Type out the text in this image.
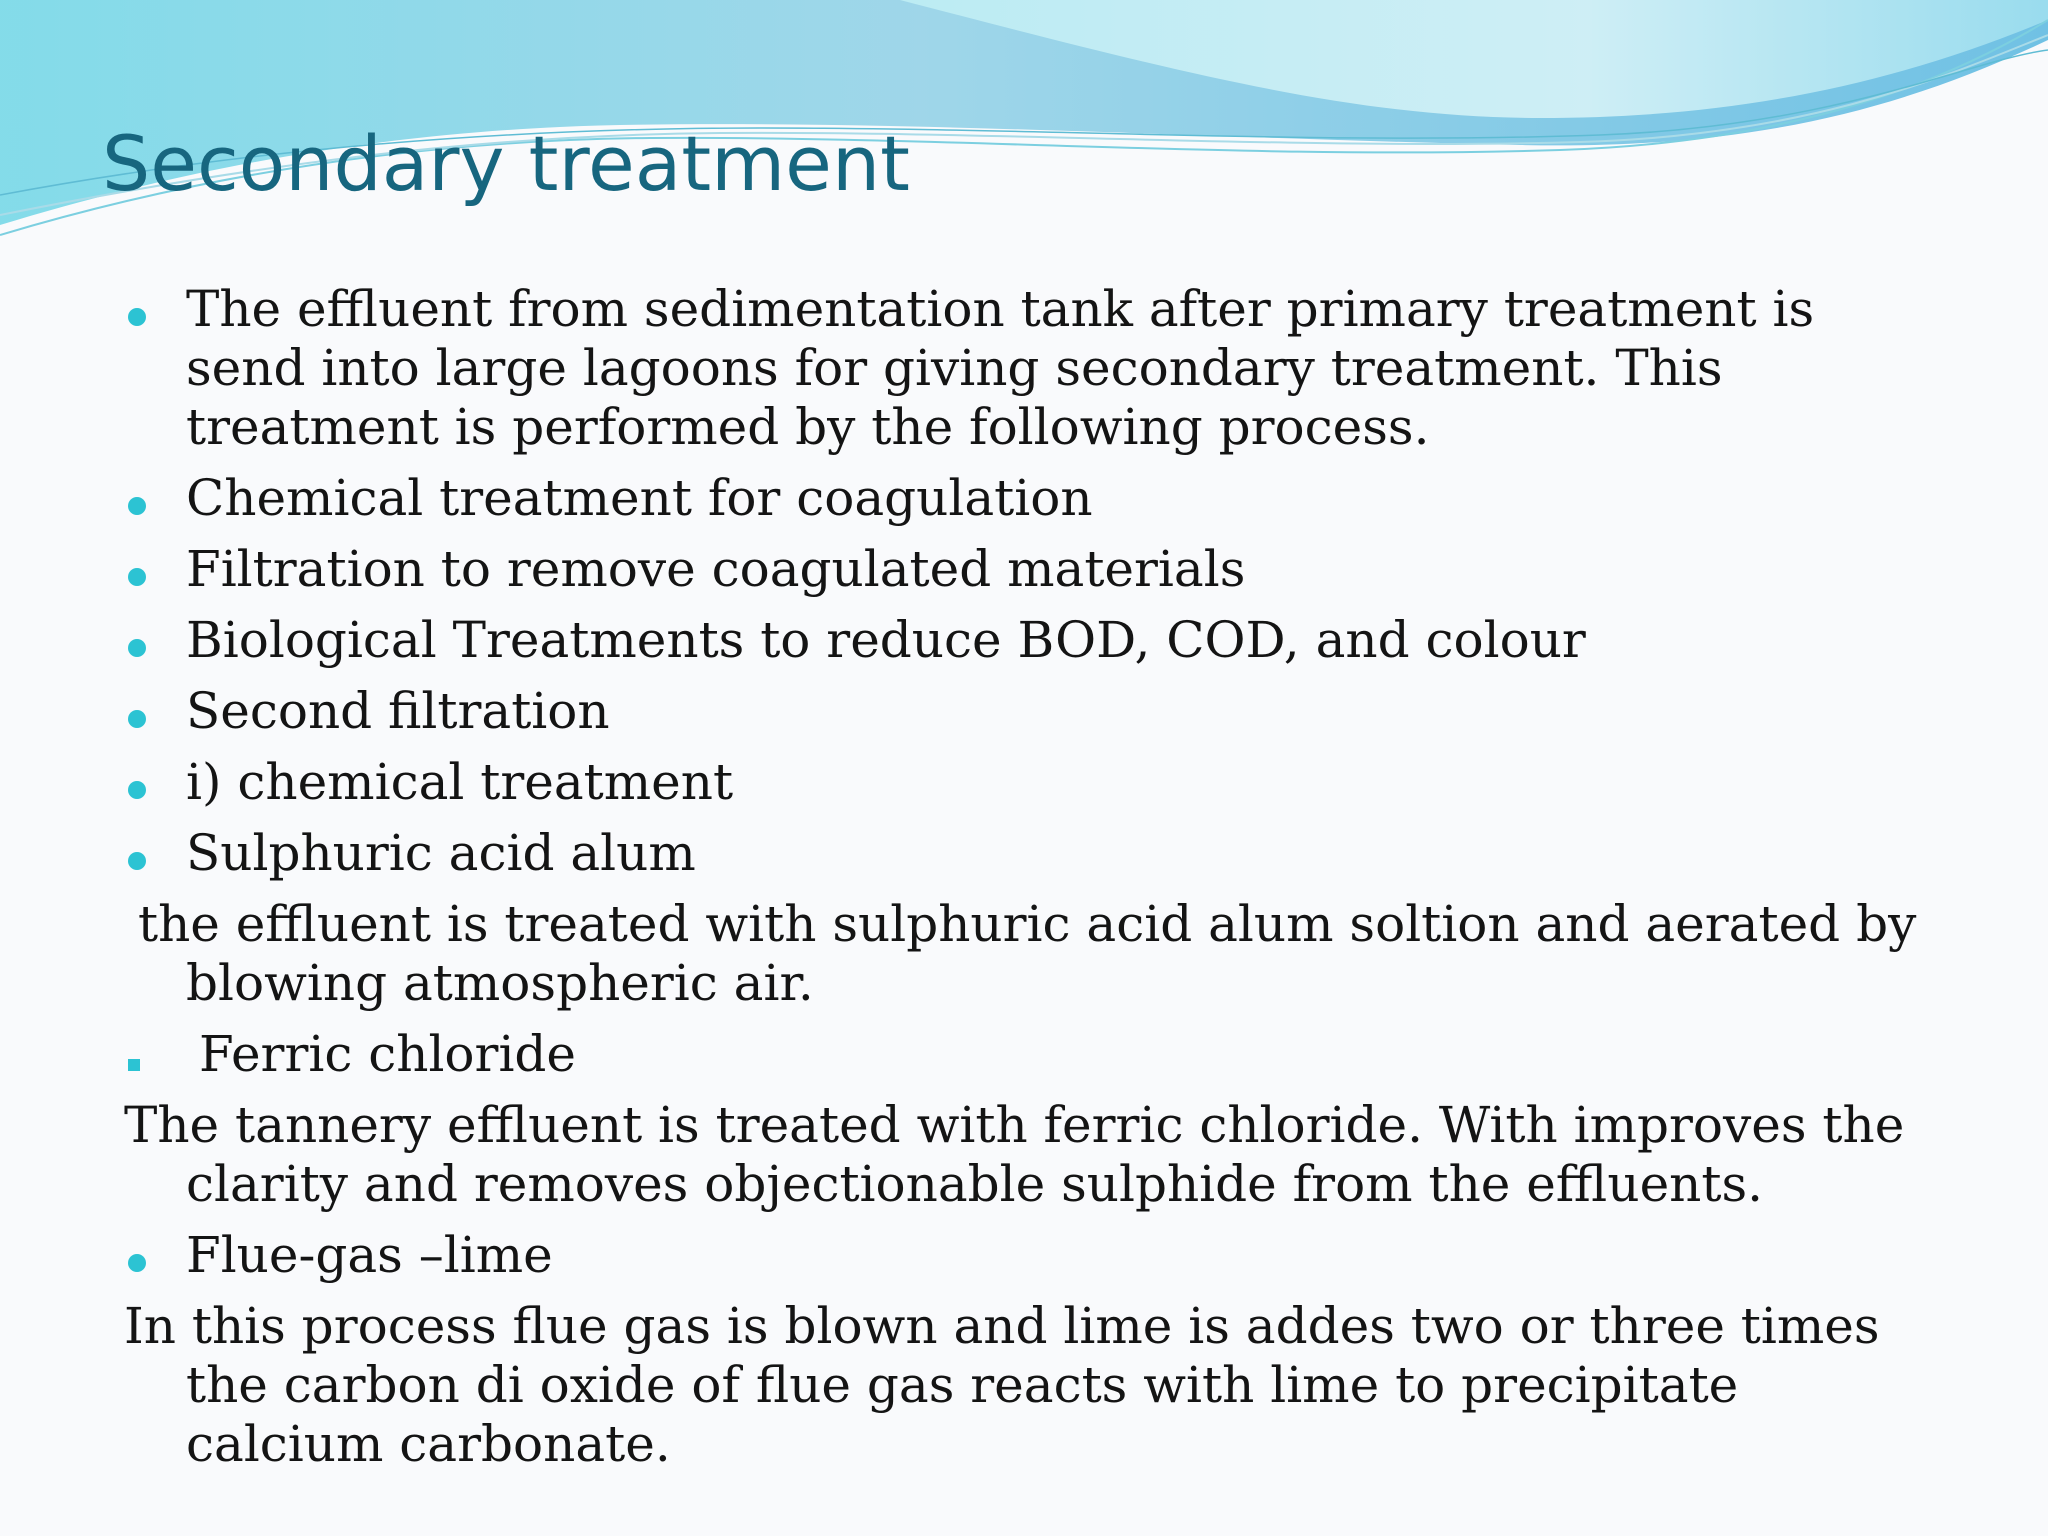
Secondary treatment
The effluent from sedimentation tank after primary treatment is send into large lagoons for giving secondary treatment. This treatment is performed by the following process.
Chemical treatment for coagulation
Filtration to remove coagulated materials
Biological Treatments to reduce BOD, COD, and colour
Second filtration
i) chemical treatment
Sulphuric acid alum
the effluent is treated with sulphuric acid alum soltion and aerated by blowing atmospheric air.
Ferric chloride
The tannery effluent is treated with ferric chloride. With improves the clarity and removes objectionable sulphide from the effluents.
Flue-gas –lime
In this process flue gas is blown and lime is addes two or three times the carbon di oxide of flue gas reacts with lime to precipitate calcium carbonate.
